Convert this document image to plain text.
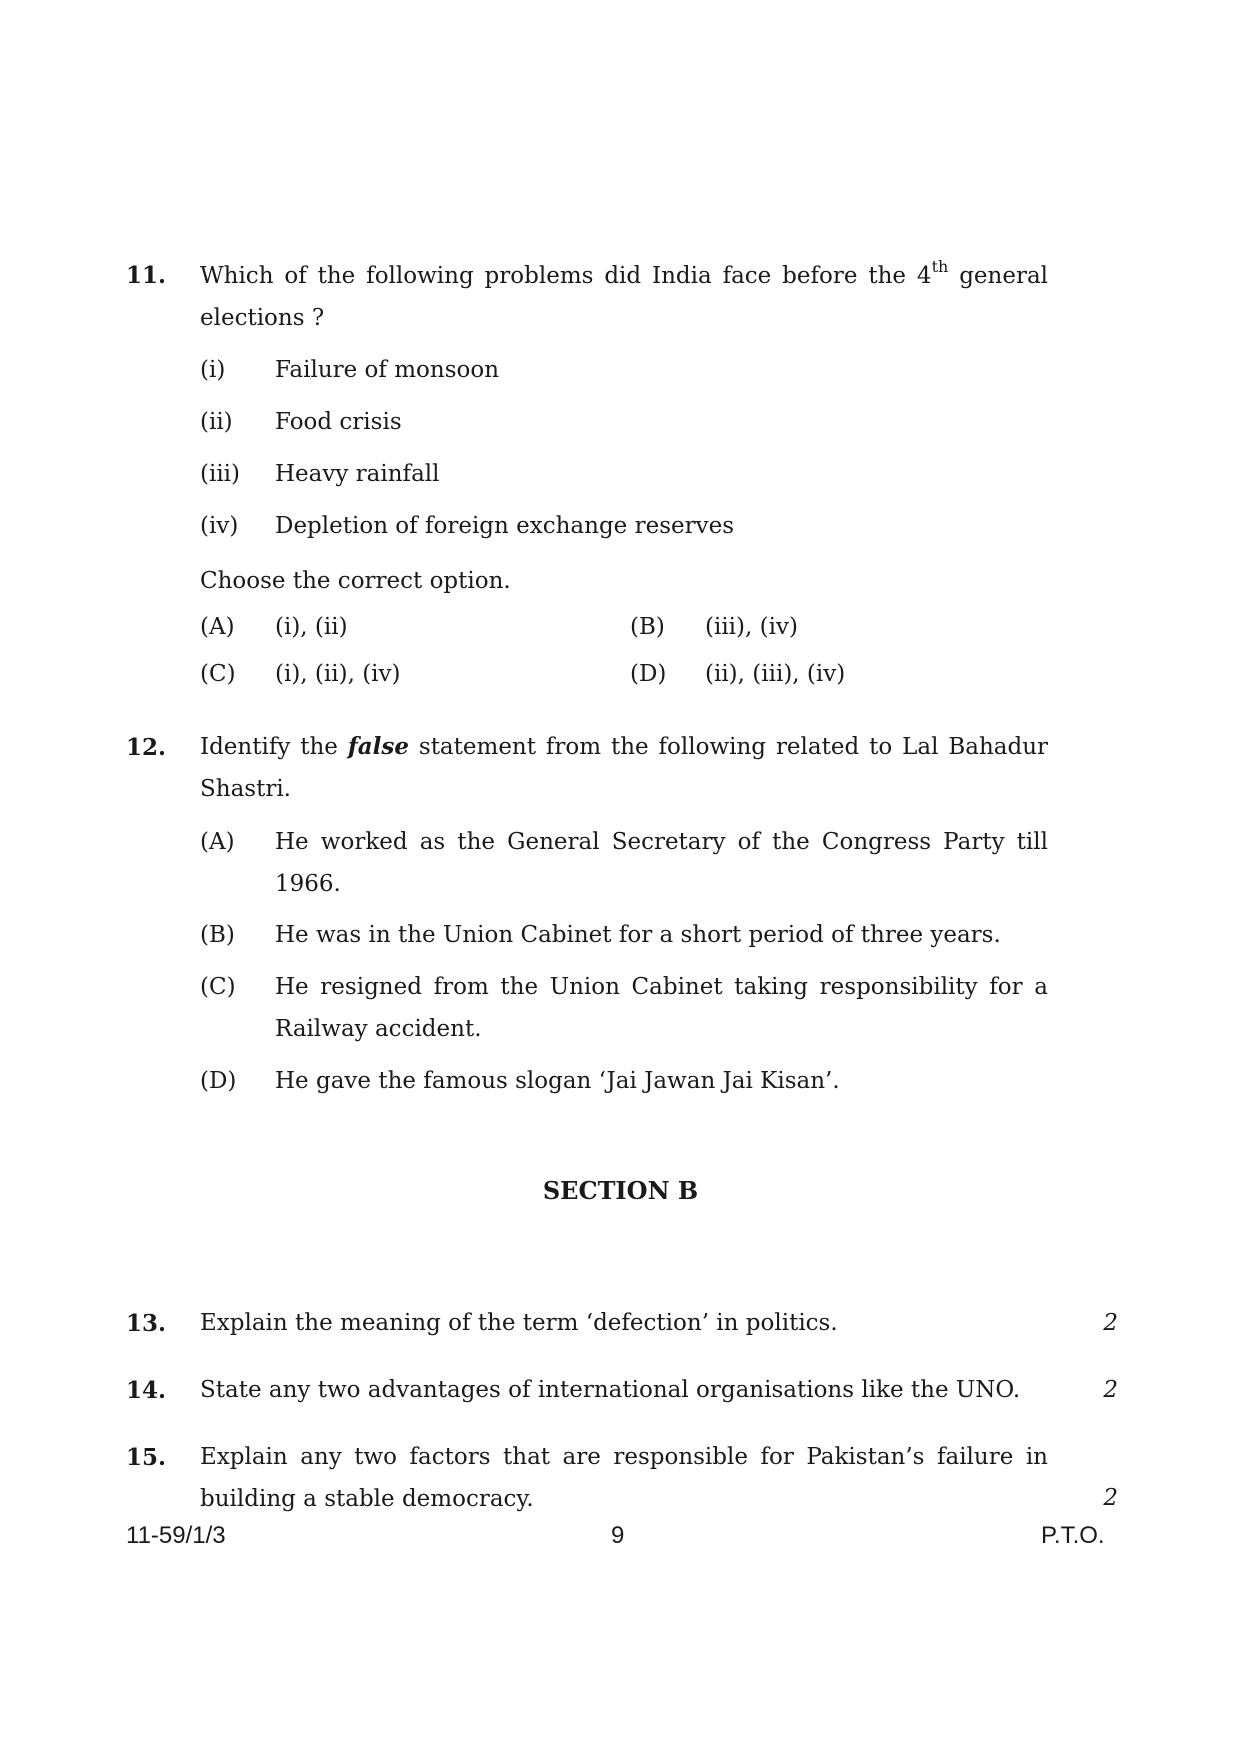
11.	Which of the following problems did India face before the 4th general elections ?
(i) Failure of monsoon
(ii) Food crisis
(iii) Heavy rainfall
(iv) Depletion of foreign exchange reserves
Choose the correct option.
(A) (i), (ii)	(B) (iii), (iv)
(C) (i), (ii), (iv)	(D) (ii), (iii), (iv)
12.	Identify the false statement from the following related to Lal Bahadur Shastri.
(A) He worked as the General Secretary of the Congress Party till 1966.
(B) He was in the Union Cabinet for a short period of three years.
(C) He resigned from the Union Cabinet taking responsibility for a Railway accident.
(D) He gave the famous slogan ‘Jai Jawan Jai Kisan’.
SECTION B
13.	Explain the meaning of the term ‘defection’ in politics.	2
14.	State any two advantages of international organisations like the UNO.	2
15.	Explain any two factors that are responsible for Pakistan’s failure in building a stable democracy.	2
11-59/1/3	9	P.T.O.
